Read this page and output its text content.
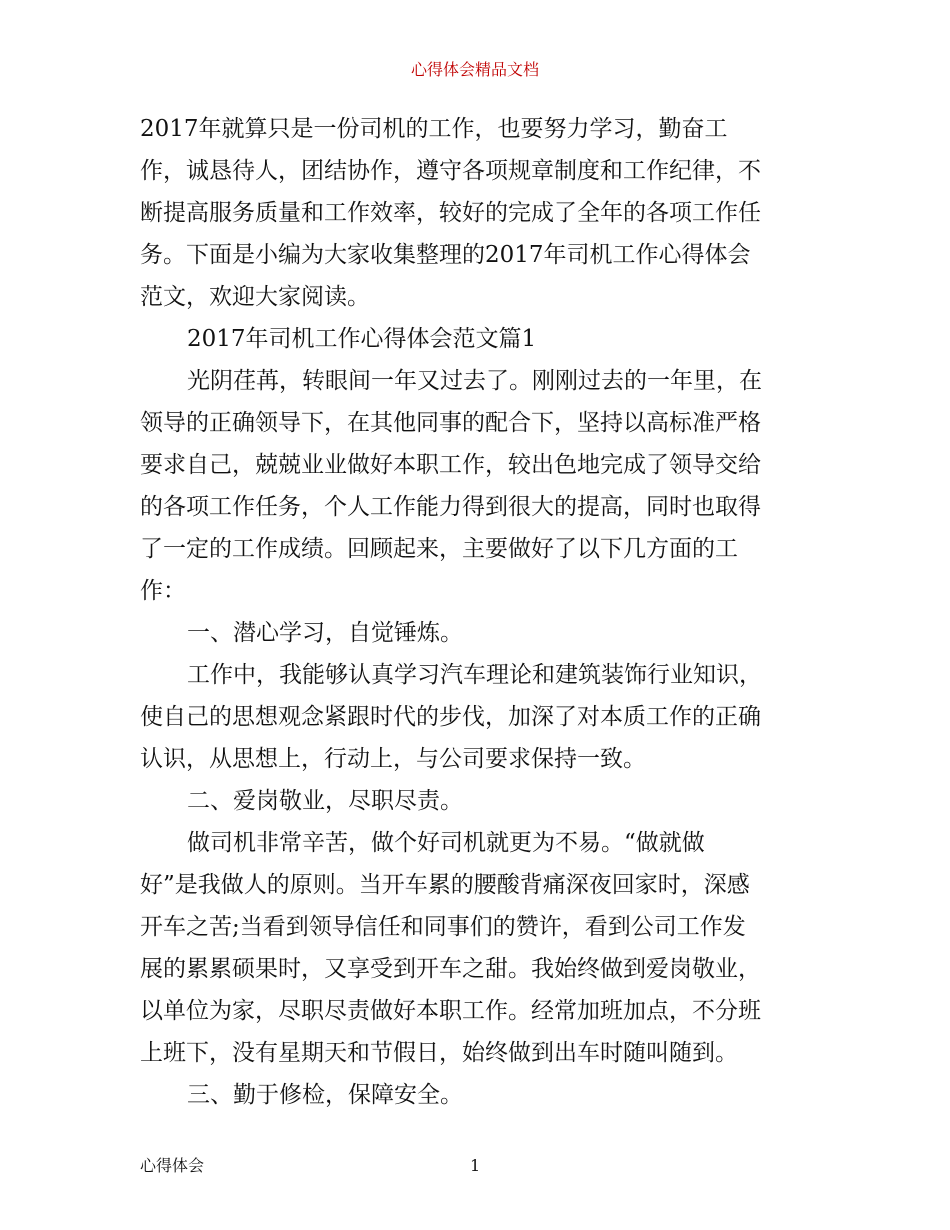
心得体会精品文档
2017年就算只是一份司机的工作，也要努力学习，勤奋工
作，诚恳待人，团结协作，遵守各项规章制度和工作纪律，不
断提高服务质量和工作效率，较好的完成了全年的各项工作任
务。下面是小编为大家收集整理的2017年司机工作心得体会
范文，欢迎大家阅读。
2017年司机工作心得体会范文篇1
光阴荏苒，转眼间一年又过去了。刚刚过去的一年里，在
领导的正确领导下，在其他同事的配合下，坚持以高标准严格
要求自己，兢兢业业做好本职工作，较出色地完成了领导交给
的各项工作任务，个人工作能力得到很大的提高，同时也取得
了一定的工作成绩。回顾起来，主要做好了以下几方面的工
作：
一、潜心学习，自觉锤炼。
工作中，我能够认真学习汽车理论和建筑装饰行业知识，
使自己的思想观念紧跟时代的步伐，加深了对本质工作的正确
认识，从思想上，行动上，与公司要求保持一致。
二、爱岗敬业，尽职尽责。
做司机非常辛苦，做个好司机就更为不易。“做就做
好”是我做人的原则。当开车累的腰酸背痛深夜回家时，深感
开车之苦;当看到领导信任和同事们的赞许，看到公司工作发
展的累累硕果时，又享受到开车之甜。我始终做到爱岗敬业，
以单位为家，尽职尽责做好本职工作。经常加班加点，不分班
上班下，没有星期天和节假日，始终做到出车时随叫随到。
三、勤于修检，保障安全。
心得体会	1
